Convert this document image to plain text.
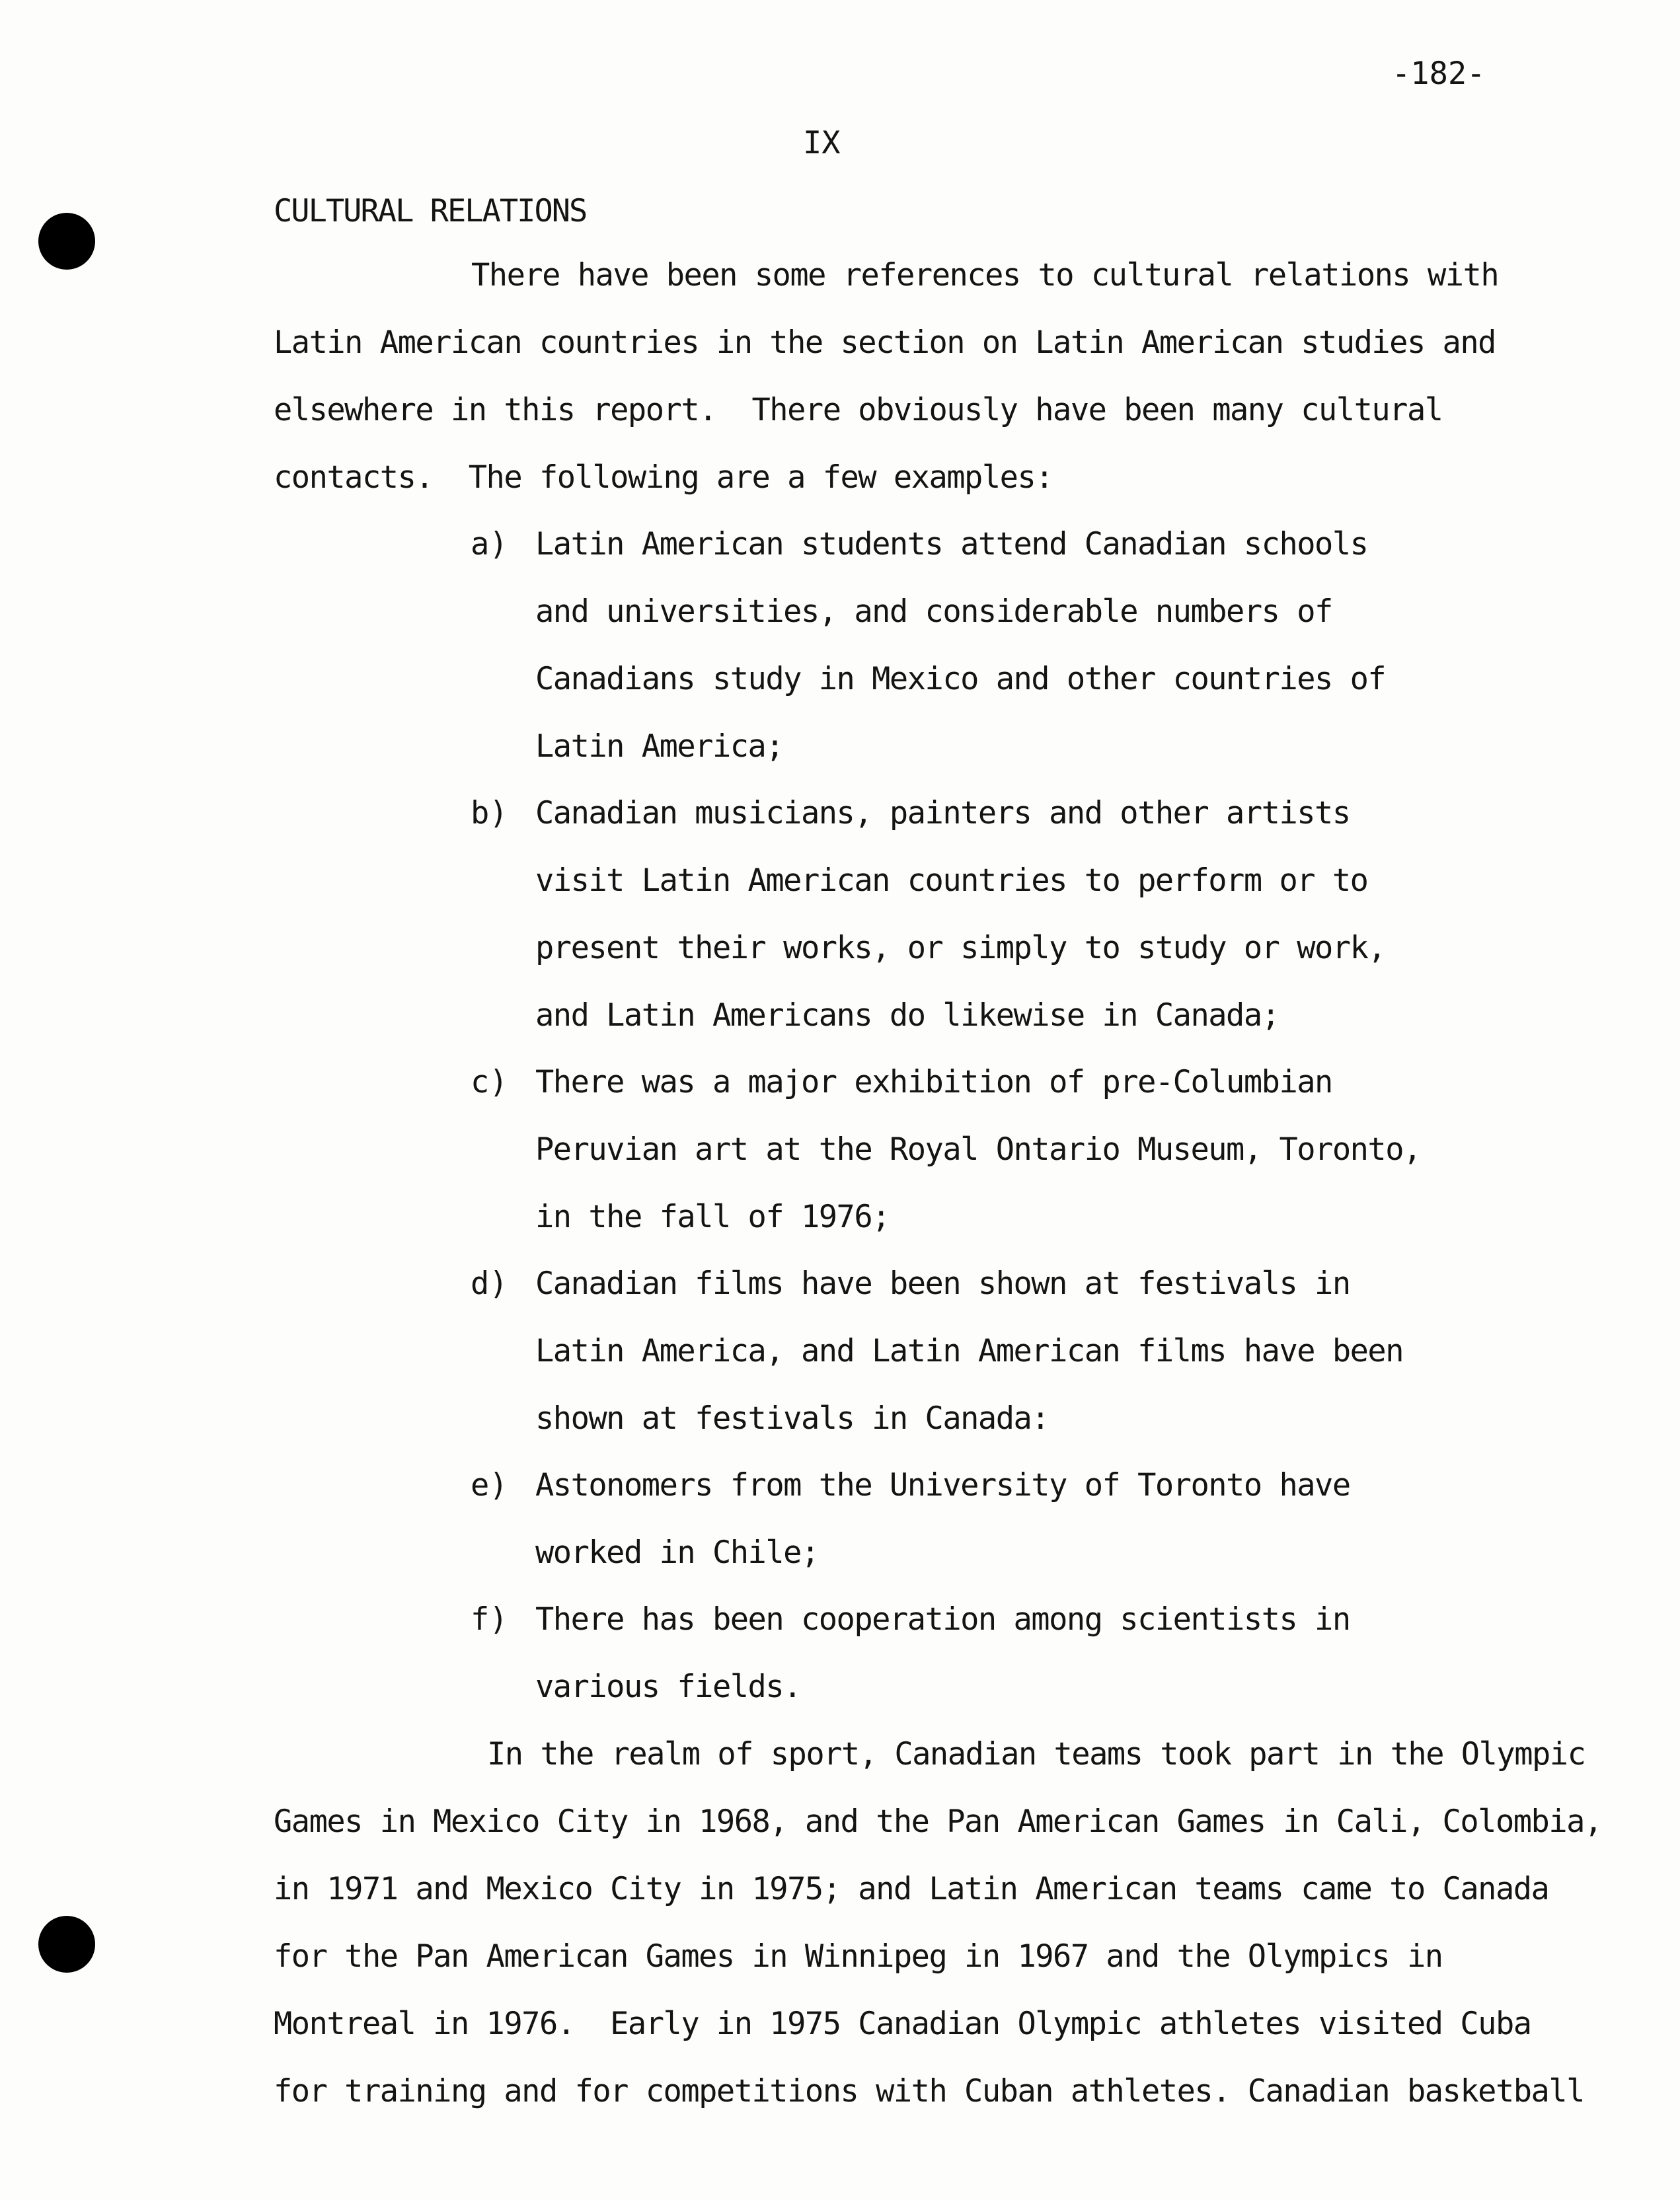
-182-
IX
CULTURAL RELATIONS
There have been some references to cultural relations with
Latin American countries in the section on Latin American studies and
elsewhere in this report.  There obviously have been many cultural
contacts.  The following are a few examples:
a) Latin American students attend Canadian schools
and universities, and considerable numbers of
Canadians study in Mexico and other countries of
Latin America;
b) Canadian musicians, painters and other artists
visit Latin American countries to perform or to
present their works, or simply to study or work,
and Latin Americans do likewise in Canada;
c) There was a major exhibition of pre-Columbian
Peruvian art at the Royal Ontario Museum, Toronto,
in the fall of 1976;
d) Canadian films have been shown at festivals in
Latin America, and Latin American films have been
shown at festivals in Canada:
e) Astonomers from the University of Toronto have
worked in Chile;
f) There has been cooperation among scientists in
various fields.
In the realm of sport, Canadian teams took part in the Olympic
Games in Mexico City in 1968, and the Pan American Games in Cali, Colombia,
in 1971 and Mexico City in 1975; and Latin American teams came to Canada
for the Pan American Games in Winnipeg in 1967 and the Olympics in
Montreal in 1976.  Early in 1975 Canadian Olympic athletes visited Cuba
for training and for competitions with Cuban athletes. Canadian basketball
